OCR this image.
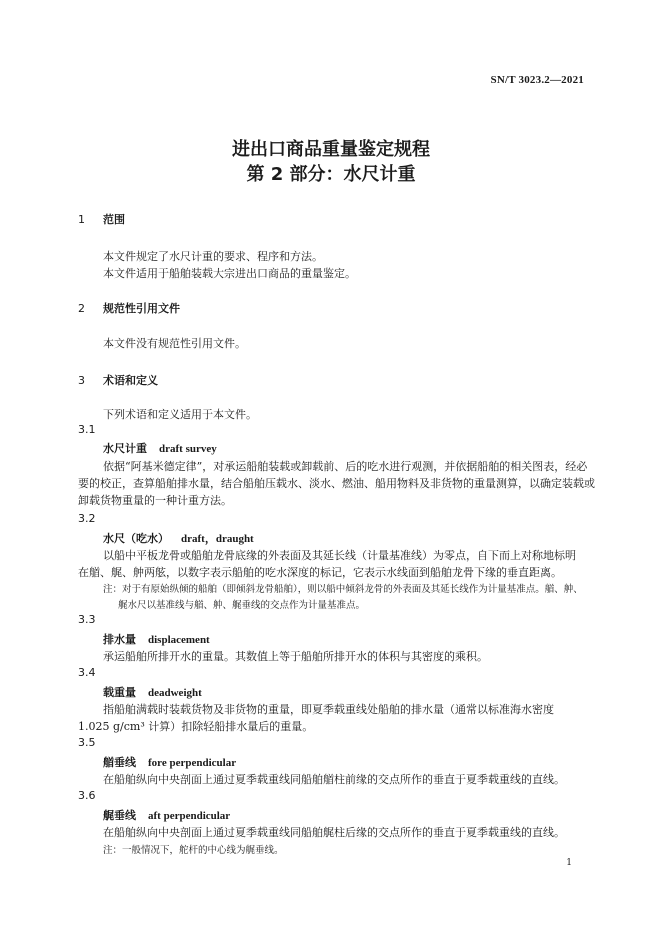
SN/T 3023.2—2021
进出口商品重量鉴定规程
第 2 部分：水尺计重
1 范围
本文件规定了水尺计重的要求、程序和方法。
本文件适用于船舶装载大宗进出口商品的重量鉴定。
2 规范性引用文件
本文件没有规范性引用文件。
3 术语和定义
下列术语和定义适用于本文件。
3.1
水尺计重 draft survey
依据“阿基米德定律”，对承运船舶装载或卸载前、后的吃水进行观测，并依据船舶的相关图表，经必
要的校正，查算船舶排水量，结合船舶压载水、淡水、燃油、船用物料及非货物的重量测算，以确定装载或
卸载货物重量的一种计重方法。
3.2
水尺（吃水） draft，draught
以船中平板龙骨或船舶龙骨底缘的外表面及其延长线（计量基准线）为零点，自下而上对称地标明
在艏、艉、舯两舷，以数字表示船舶的吃水深度的标记，它表示水线面到船舶龙骨下缘的垂直距离。
注：对于有原始纵倾的船舶（即倾斜龙骨船舶），则以船中倾斜龙骨的外表面及其延长线作为计量基准点。艏、舯、
艉水尺以基准线与艏、舯、艉垂线的交点作为计量基准点。
3.3
排水量 displacement
承运船舶所排开水的重量。其数值上等于船舶所排开水的体积与其密度的乘积。
3.4
载重量 deadweight
指船舶满载时装载货物及非货物的重量，即夏季载重线处船舶的排水量（通常以标准海水密度
1.025 g/cm³ 计算）扣除轻船排水量后的重量。
3.5
艏垂线 fore perpendicular
在船舶纵向中央剖面上通过夏季载重线同船舶艏柱前缘的交点所作的垂直于夏季载重线的直线。
3.6
艉垂线 aft perpendicular
在船舶纵向中央剖面上通过夏季载重线同船舶艉柱后缘的交点所作的垂直于夏季载重线的直线。
注：一般情况下，舵杆的中心线为艉垂线。
1
